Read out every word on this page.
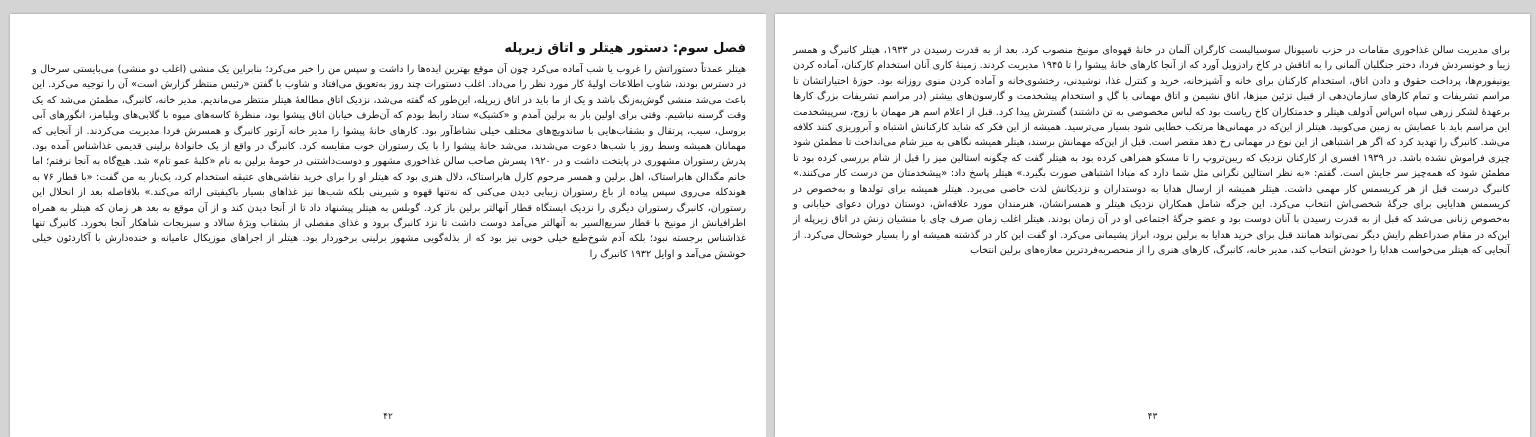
فصل سوم: دستور هیتلر و اتاق زیرپله

هیتلر عمدتاً دستوراتش را غروب یا شب آماده می‌کرد چون آن موقع بهترین ایده‌ها را داشت و سپس من را خبر می‌کرد؛ بنابراین یک منشی (اغلب دو منشی) می‌بایستی سرحال و در دسترس بودند، شاوب اطلاعات اولیهٔ کار مورد نظر را می‌داد. اغلب دستورات چند روز به‌تعویق می‌افتاد و شاوب با گفتن «رئیس منتظر گزارش است» آن را توجیه می‌کرد. این باعث می‌شد منشی گوش‌به‌زنگ باشد و یک از ما باید در اتاق زیرپله، این‌طور که گفته می‌شد، نزدیک اتاق مطالعهٔ هیتلر منتظر می‌ماندیم. مدیر خانه، کانبرگ، مطمئن می‌شد که یک وقت گرسنه نباشیم. وقتی برای اولین بار به برلین آمدم و «کشیک» ستاد رابط بودم که آن‌طرف خیابان اتاق پیشوا بود، منظرهٔ کاسه‌های میوه با گلابی‌های ویلیامز، انگورهای آبی بروسل، سیب، پرتقال و بشقاب‌هایی با ساندویچ‌های مختلف خیلی نشاط‌آور بود. کارهای خانهٔ پیشوا را مدیر خانه آرتور کانبرگ و همسرش فردا مدیریت می‌کردند. از آنجایی که مهمانان همیشه وسط روز یا شب‌ها دعوت می‌شدند، می‌شد خانهٔ پیشوا را با یک رستوران خوب مقایسه کرد. کانبرگ در واقع از یک خانوادهٔ برلینی قدیمی غذاشناس آمده بود. پدرش رستوران مشهوری در پایتخت داشت و در ۱۹۲۰ پسرش صاحب سالن غذاخوری مشهور و دوست‌داشتنی در حومهٔ برلین به نام «کلبهٔ عمو تام» شد. هیچ‌گاه به آنجا نرفتم؛ اما خانم مگدالن هابراستاک، اهل برلین و همسر مرحوم کارل هابراستاک، دلال هنری بود که هیتلر او را برای خرید نقاشی‌های عتیقه استخدام کرد، یک‌بار به من گفت: «با قطار ۷۶ به هوندکله می‌روی سپس پیاده از باغ رستوران زیبایی دیدن می‌کنی که نه‌تنها قهوه و شیرینی بلکه شب‌ها نیز غذاهای بسیار باکیفیتی ارائه می‌کند.» بلافاصله بعد از انحلال این رستوران، کانبرگ رستوران دیگری را نزدیک ایستگاه قطار آنهالتر برلین باز کرد. گوبلس به هیتلر پیشنهاد داد تا از آنجا دیدن کند و از آن موقع به بعد هر زمان که هیتلر به همراه اطرافیانش از مونیخ با قطار سریع‌السیر به آنهالتر می‌آمد دوست داشت تا نزد کانبرگ برود و غذای مفصلی از بشقاب ویژهٔ سالاد و سبزیجات شاهکار آنجا بخورد. کانبرگ تنها غذاشناس برجسته نبود؛ بلکه آدم شوخ‌طبع خیلی خوبی نیز بود که از بذله‌گویی مشهور برلینی برخوردار بود. هیتلر از اجراهای موزیکال عامیانه و خنده‌دارش با آکاردئون خیلی خوشش می‌آمد و اوایل ۱۹۳۲ کانبرگ را

۴۲

برای مدیریت سالن غذاخوری مقامات در حزب ناسیونال سوسیالیست کارگران آلمان در خانهٔ قهوه‌ای مونیخ منصوب کرد. بعد از به قدرت رسیدن در ۱۹۳۳، هیتلر کانبرگ و همسر زیبا و خونسردش فردا، دختر جنگلبان آلمانی را به اتاقش در کاخ رادزویل آورد که از آنجا کارهای خانهٔ پیشوا را تا ۱۹۴۵ مدیریت کردند. زمینهٔ کاری آنان استخدام کارکنان، آماده کردن یونیفورم‌ها، پرداخت حقوق و دادن اتاق، استخدام کارکنان برای خانه و آشپزخانه، خرید و کنترل غذا، نوشیدنی، رختشوی‌خانه و آماده کردن منوی روزانه بود. حوزهٔ اختیاراتشان تا مراسم تشریفات و تمام کارهای سازمان‌دهی از قبیل تزئین میزها، اتاق نشیمن و اتاق مهمانی با گل و استخدام پیشخدمت و گارسون‌های بیشتر (در مراسم تشریفات بزرگ کارها برعهدهٔ لشکر زرهی سپاه اس‌اس آدولف هیتلر و خدمتکاران کاخ ریاست بود که لباس مخصوصی به تن داشتند) گسترش پیدا کرد. قبل از اعلام اسم هر مهمان با زوج، سرپیشخدمت این مراسم باید با عصایش به زمین می‌کوبید. هیتلر از این‌که در مهمانی‌ها مرتکب خطایی شود بسیار می‌ترسید. همیشه از این فکر که شاید کارکنانش اشتباه و آبروریزی کنند کلافه می‌شد. کانبرگ را تهدید کرد که اگر هر اشتباهی از این نوع در مهمانی رخ دهد مقصر است. قبل از این‌که مهمانش برسند، هیتلر همیشه نگاهی به میز شام می‌انداخت تا مطمئن شود چیزی فراموش نشده باشد. در ۱۹۳۹ افسری از کارکنان نزدیک که ریبن‌تروپ را تا مسکو همراهی کرده بود به هیتلر گفت که چگونه استالین میز را قبل از شام بررسی کرده بود تا مطمئن شود که همه‌چیز سر جایش است. گفتم: «به نظر استالین نگرانی مثل شما دارد که مبادا اشتباهی صورت بگیرد.» هیتلر پاسخ داد: «پیشخدمتان من درست کار می‌کنند.» کانبرگ درست قبل از هر کریسمس کار مهمی داشت. هیتلر همیشه از ارسال هدایا به دوستداران و نزدیکانش لذت خاصی می‌برد. هیتلر همیشه برای تولدها و به‌خصوص در کریسمس هدایایی برای جرگهٔ شخصی‌اش انتخاب می‌کرد. این جرگه شامل همکاران نزدیک هیتلر و همسرانشان، هنرمندان مورد علاقه‌اش، دوستان دوران دعوای خیابانی و به‌خصوص زنانی می‌شد که قبل از به قدرت رسیدن با آنان دوست بود و عضو جرگهٔ اجتماعی او در آن زمان بودند. هیتلر اغلب زمان صرف چای با منشیان زنش در اتاق زیرپله از این‌که در مقام صدراعظم رایش دیگر نمی‌تواند همانند قبل برای خرید هدایا به برلین برود، ابراز پشیمانی می‌کرد. او گفت این کار در گذشته همیشه او را بسیار خوشحال می‌کرد. از آنجایی که هیتلر می‌خواست هدایا را خودش انتخاب کند، مدیر خانه، کانبرگ، کارهای هنری را از منحصربه‌فردترین مغازه‌های برلین انتخاب

۴۳
